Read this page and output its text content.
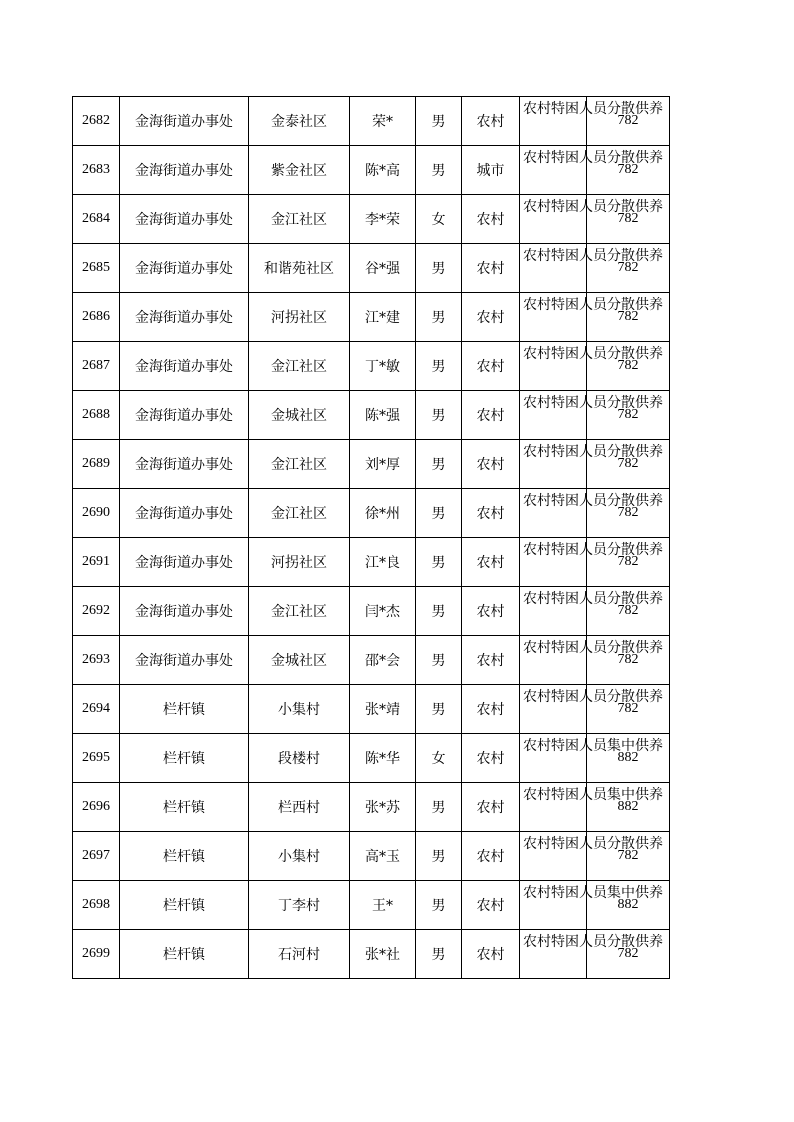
2682	金海街道办事处	金泰社区	荣*	男	农村	农村特困人员分散供养	782
2683	金海街道办事处	紫金社区	陈*高	男	城市	农村特困人员分散供养	782
2684	金海街道办事处	金江社区	李*荣	女	农村	农村特困人员分散供养	782
2685	金海街道办事处	和谐苑社区	谷*强	男	农村	农村特困人员分散供养	782
2686	金海街道办事处	河拐社区	江*建	男	农村	农村特困人员分散供养	782
2687	金海街道办事处	金江社区	丁*敏	男	农村	农村特困人员分散供养	782
2688	金海街道办事处	金城社区	陈*强	男	农村	农村特困人员分散供养	782
2689	金海街道办事处	金江社区	刘*厚	男	农村	农村特困人员分散供养	782
2690	金海街道办事处	金江社区	徐*州	男	农村	农村特困人员分散供养	782
2691	金海街道办事处	河拐社区	江*良	男	农村	农村特困人员分散供养	782
2692	金海街道办事处	金江社区	闫*杰	男	农村	农村特困人员分散供养	782
2693	金海街道办事处	金城社区	邵*会	男	农村	农村特困人员分散供养	782
2694	栏杆镇	小集村	张*靖	男	农村	农村特困人员分散供养	782
2695	栏杆镇	段楼村	陈*华	女	农村	农村特困人员集中供养	882
2696	栏杆镇	栏西村	张*苏	男	农村	农村特困人员集中供养	882
2697	栏杆镇	小集村	高*玉	男	农村	农村特困人员分散供养	782
2698	栏杆镇	丁李村	王*	男	农村	农村特困人员集中供养	882
2699	栏杆镇	石河村	张*社	男	农村	农村特困人员分散供养	782
